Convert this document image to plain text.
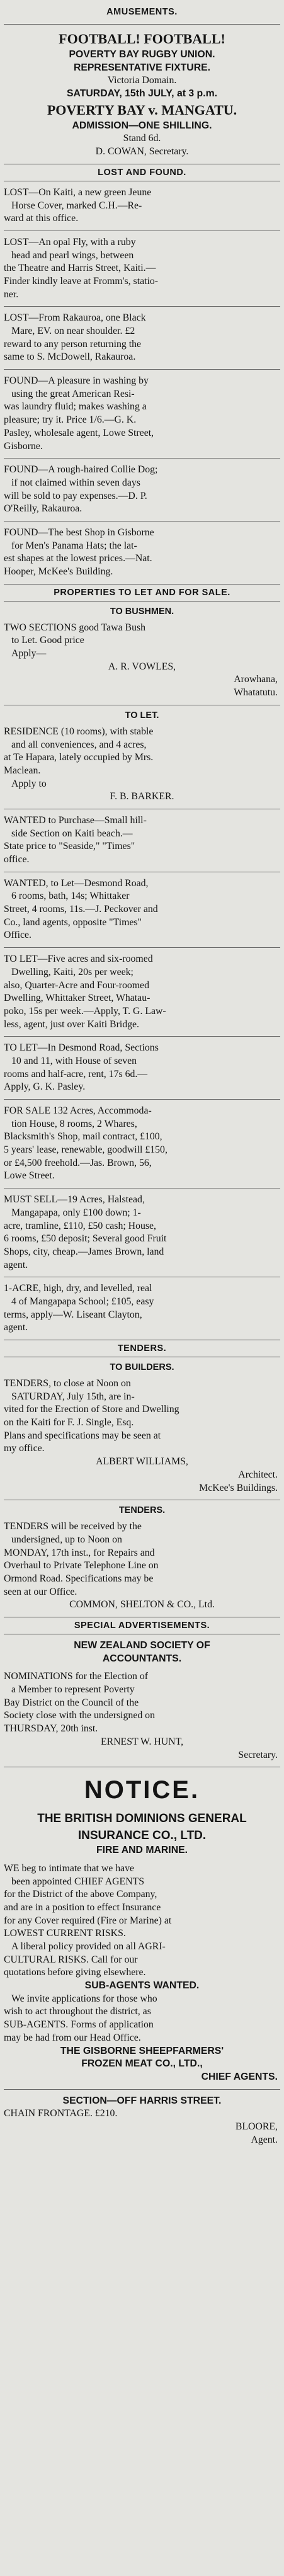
AMUSEMENTS.
FOOTBALL! FOOTBALL!
POVERTY BAY RUGBY UNION.
REPRESENTATIVE FIXTURE.
Victoria Domain.
SATURDAY, 15th JULY, at 3 p.m.
POVERTY BAY v. MANGATU.
ADMISSION—ONE SHILLING.
Stand 6d.
D. COWAN, Secretary.
LOST AND FOUND.
LOST—On Kaiti, a new green Jeune
Horse Cover, marked C.H.—Re-
ward at this office.
LOST—An opal Fly, with a ruby
head and pearl wings, between
the Theatre and Harris Street, Kaiti.—
Finder kindly leave at Fromm's, statio-
ner.
LOST—From Rakauroa, one Black
Mare, EV. on near shoulder. £2
reward to any person returning the
same to S. McDowell, Rakauroa.
FOUND—A pleasure in washing by
using the great American Resi-
was laundry fluid; makes washing a
pleasure; try it. Price 1/6.—G. K.
Pasley, wholesale agent, Lowe Street,
Gisborne.
FOUND—A rough-haired Collie Dog;
if not claimed within seven days
will be sold to pay expenses.—D. P.
O'Reilly, Rakauroa.
FOUND—The best Shop in Gisborne
for Men's Panama Hats; the lat-
est shapes at the lowest prices.—Nat.
Hooper, McKee's Building.
PROPERTIES TO LET AND FOR SALE.
TO BUSHMEN.
TWO SECTIONS good Tawa Bush
to Let. Good price
Apply—
A. R. VOWLES,
Arowhana,
Whatatutu.
TO LET.
RESIDENCE (10 rooms), with stable
and all conveniences, and 4 acres,
at Te Hapara, lately occupied by Mrs.
Maclean.
Apply to
F. B. BARKER.
WANTED to Purchase—Small hill-
side Section on Kaiti beach.—
State price to "Seaside," "Times"
office.
WANTED, to Let—Desmond Road,
6 rooms, bath, 14s; Whittaker
Street, 4 rooms, 11s.—J. Peckover and
Co., land agents, opposite "Times"
Office.
TO LET—Five acres and six-roomed
Dwelling, Kaiti, 20s per week;
also, Quarter-Acre and Four-roomed
Dwelling, Whittaker Street, Whatau-
poko, 15s per week.—Apply, T. G. Law-
less, agent, just over Kaiti Bridge.
TO LET—In Desmond Road, Sections
10 and 11, with House of seven
rooms and half-acre, rent, 17s 6d.—
Apply, G. K. Pasley.
FOR SALE 132 Acres, Accommoda-
tion House, 8 rooms, 2 Whares,
Blacksmith's Shop, mail contract, £100,
5 years' lease, renewable, goodwill £150,
or £4,500 freehold.—Jas. Brown, 56,
Lowe Street.
MUST SELL—19 Acres, Halstead,
Mangapapa, only £100 down; 1-
acre, tramline, £110, £50 cash; House,
6 rooms, £50 deposit; Several good Fruit
Shops, city, cheap.—James Brown, land
agent.
1-ACRE, high, dry, and levelled, real
4 of Mangapapa School; £105, easy
terms, apply—W. Liseant Clayton,
agent.
TENDERS.
TO BUILDERS.
TENDERS, to close at Noon on
SATURDAY, July 15th, are in-
vited for the Erection of Store and Dwelling
on the Kaiti for F. J. Single, Esq.
Plans and specifications may be seen at
my office.
ALBERT WILLIAMS,
Architect.
McKee's Buildings.
TENDERS.
TENDERS will be received by the
undersigned, up to Noon on
MONDAY, 17th inst., for Repairs and
Overhaul to Private Telephone Line on
Ormond Road. Specifications may be
seen at our Office.
COMMON, SHELTON & CO., Ltd.
SPECIAL ADVERTISEMENTS.
NEW ZEALAND SOCIETY OF
ACCOUNTANTS.
NOMINATIONS for the Election of
a Member to represent Poverty
Bay District on the Council of the
Society close with the undersigned on
THURSDAY, 20th inst.
ERNEST W. HUNT,
Secretary.
NOTICE.
THE BRITISH DOMINIONS GENERAL
INSURANCE CO., LTD.
FIRE AND MARINE.
WE beg to intimate that we have
been appointed CHIEF AGENTS
for the District of the above Company,
and are in a position to effect Insurance
for any Cover required (Fire or Marine) at
LOWEST CURRENT RISKS.
A liberal policy provided on all AGRI-
CULTURAL RISKS. Call for our
quotations before giving elsewhere.
SUB-AGENTS WANTED.
We invite applications for those who
wish to act throughout the district, as
SUB-AGENTS. Forms of application
may be had from our Head Office.
THE GISBORNE SHEEPFARMERS'
FROZEN MEAT CO., LTD.,
CHIEF AGENTS.
SECTION—OFF HARRIS STREET.
CHAIN FRONTAGE. £210.
BLOORE,
Agent.
